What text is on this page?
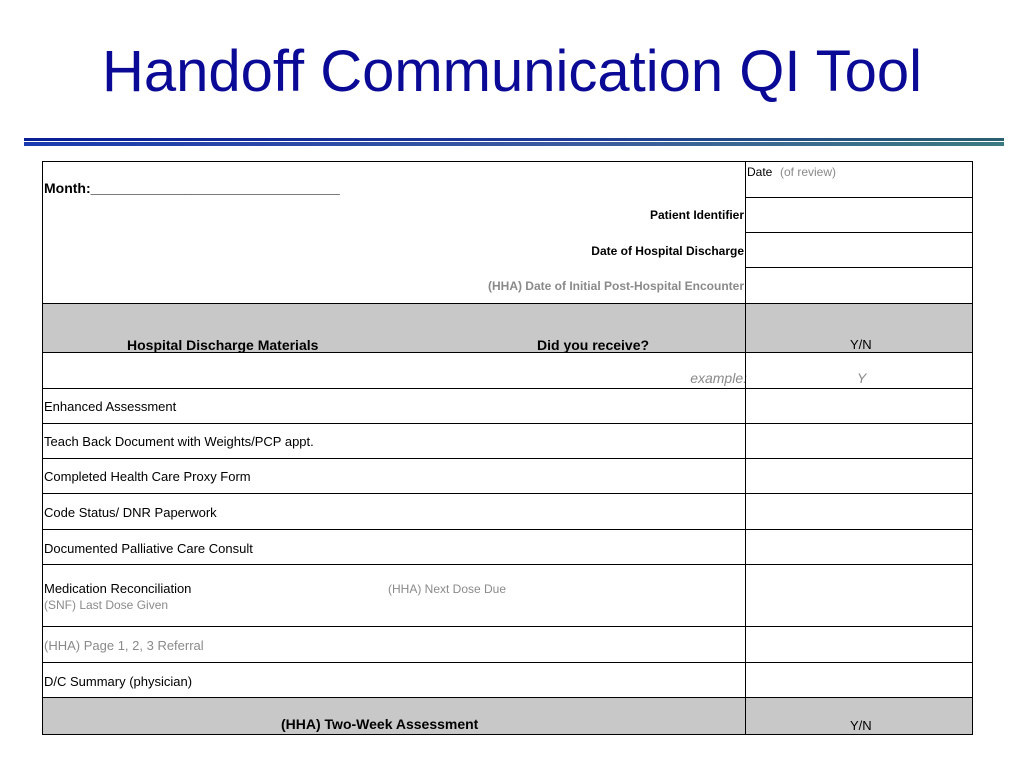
Handoff Communication QI Tool
Month:________________________________
Patient Identifier
Date of Hospital Discharge
(HHA) Date of Initial Post-Hospital Encounter
Date (of review)
Hospital Discharge Materials	Did you receive?	Y/N
example:	Y
Enhanced Assessment
Teach Back Document with Weights/PCP appt.
Completed Health Care Proxy Form
Code Status/ DNR Paperwork
Documented Palliative Care Consult
Medication Reconciliation	(HHA) Next Dose Due
(SNF) Last Dose Given
(HHA) Page 1, 2, 3 Referral
D/C Summary (physician)
(HHA) Two-Week Assessment	Y/N
